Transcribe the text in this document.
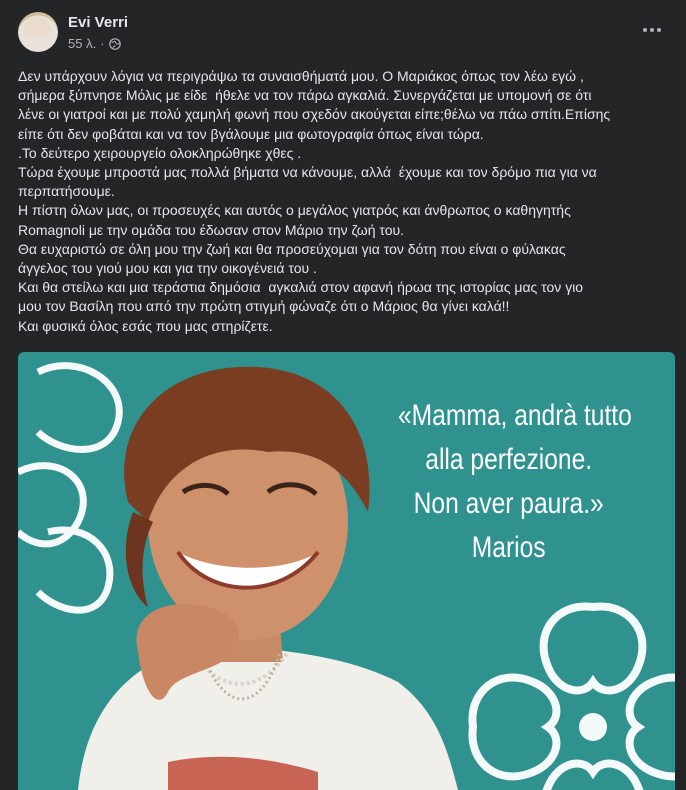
Evi Verri
55 λ. ·

Δεν υπάρχουν λόγια να περιγράψω τα συναισθήματά μου. Ο Μαριάκος όπως τον λέω εγώ ,
σήμερα ξύπνησε Μόλις με είδε  ήθελε να τον πάρω αγκαλιά. Συνεργάζεται με υπομονή σε ότι
λένε οι γιατροί και με πολύ χαμηλή φωνή που σχεδόν ακούγεται είπε;θέλω να πάω σπίτι.Επίσης
είπε ότι δεν φοβάται και να τον βγάλουμε μια φωτογραφία όπως είναι τώρα.

.Το δεύτερο χειρουργείο ολοκληρώθηκε χθες .

Τώρα έχουμε μπροστά μας πολλά βήματα να κάνουμε, αλλά  έχουμε και τον δρόμο πια για να
περπατήσουμε.

Η πίστη όλων μας, οι προσευχές και αυτός ο μεγάλος γιατρός και άνθρωπος ο καθηγητής
Romagnoli με την ομάδα του έδωσαν στον Μάριο την ζωή του.

Θα ευχαριστώ σε όλη μου την ζωή και θα προσεύχομαι για τον δότη που είναι ο φύλακας
άγγελος του γιού μου και για την οικογένειά του .

Και θα στείλω και μια τεράστια δημόσια  αγκαλιά στον αφανή ήρωα της ιστορίας μας τον γιο
μου τον Βασίλη που από την πρώτη στιγμή φώναζε ότι ο Μάριος θα γίνει καλά!!

Και φυσικά όλος εσάς που μας στηρίζετε.

«Mamma, andrà tutto
alla perfezione.
Non aver paura.»
Marios
